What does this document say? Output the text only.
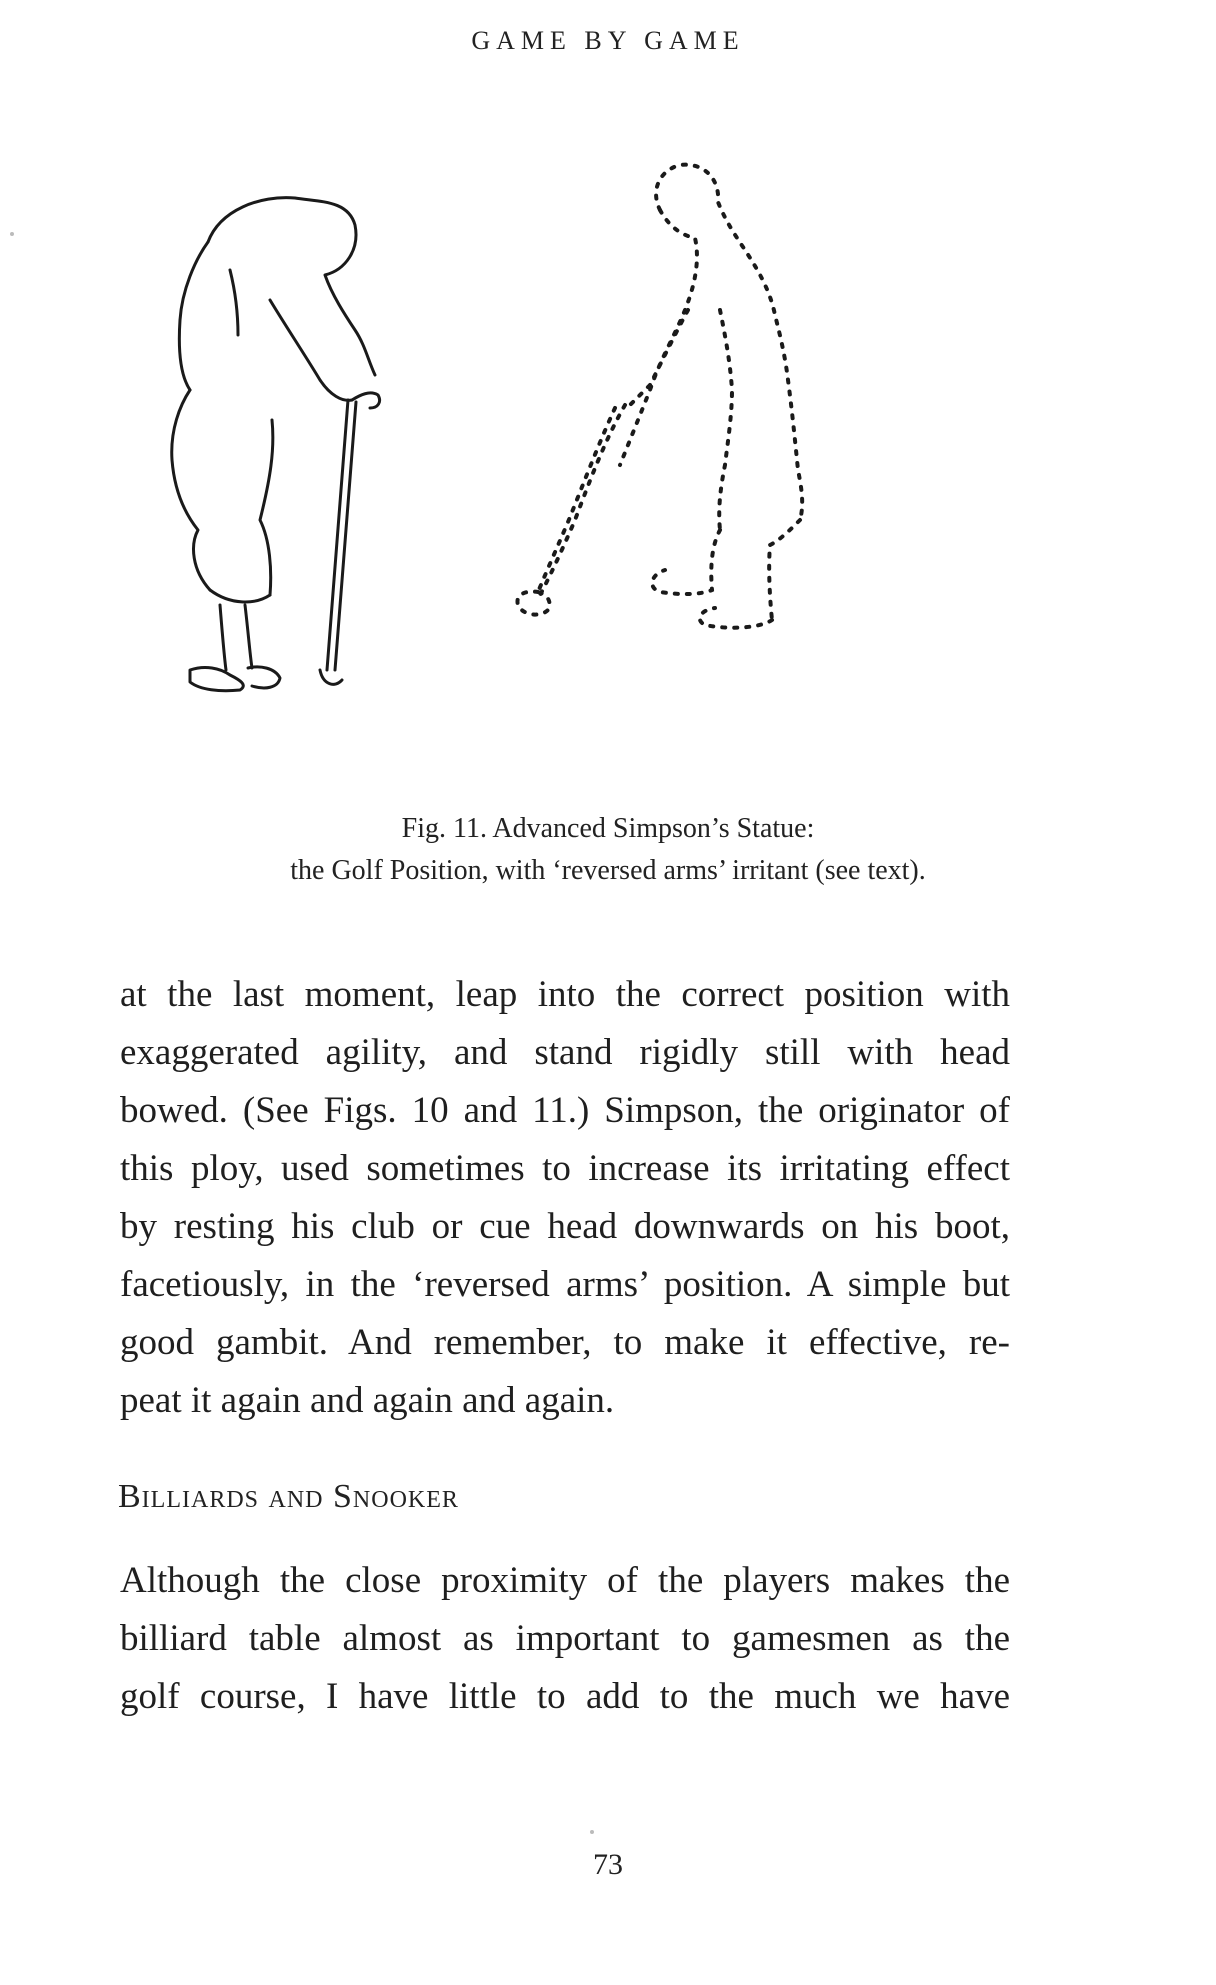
GAME BY GAME
Fig. 11. Advanced Simpson’s Statue:
the Golf Position, with ‘reversed arms’ irritant (see text).
at the last moment, leap into the correct position with
exaggerated agility, and stand rigidly still with head
bowed. (See Figs. 10 and 11.) Simpson, the originator of
this ploy, used sometimes to increase its irritating effect
by resting his club or cue head downwards on his boot,
facetiously, in the ‘reversed arms’ position. A simple but
good gambit. And remember, to make it effective, re-
peat it again and again and again.
Billiards and Snooker
Although the close proximity of the players makes the
billiard table almost as important to gamesmen as the
golf course, I have little to add to the much we have
73
